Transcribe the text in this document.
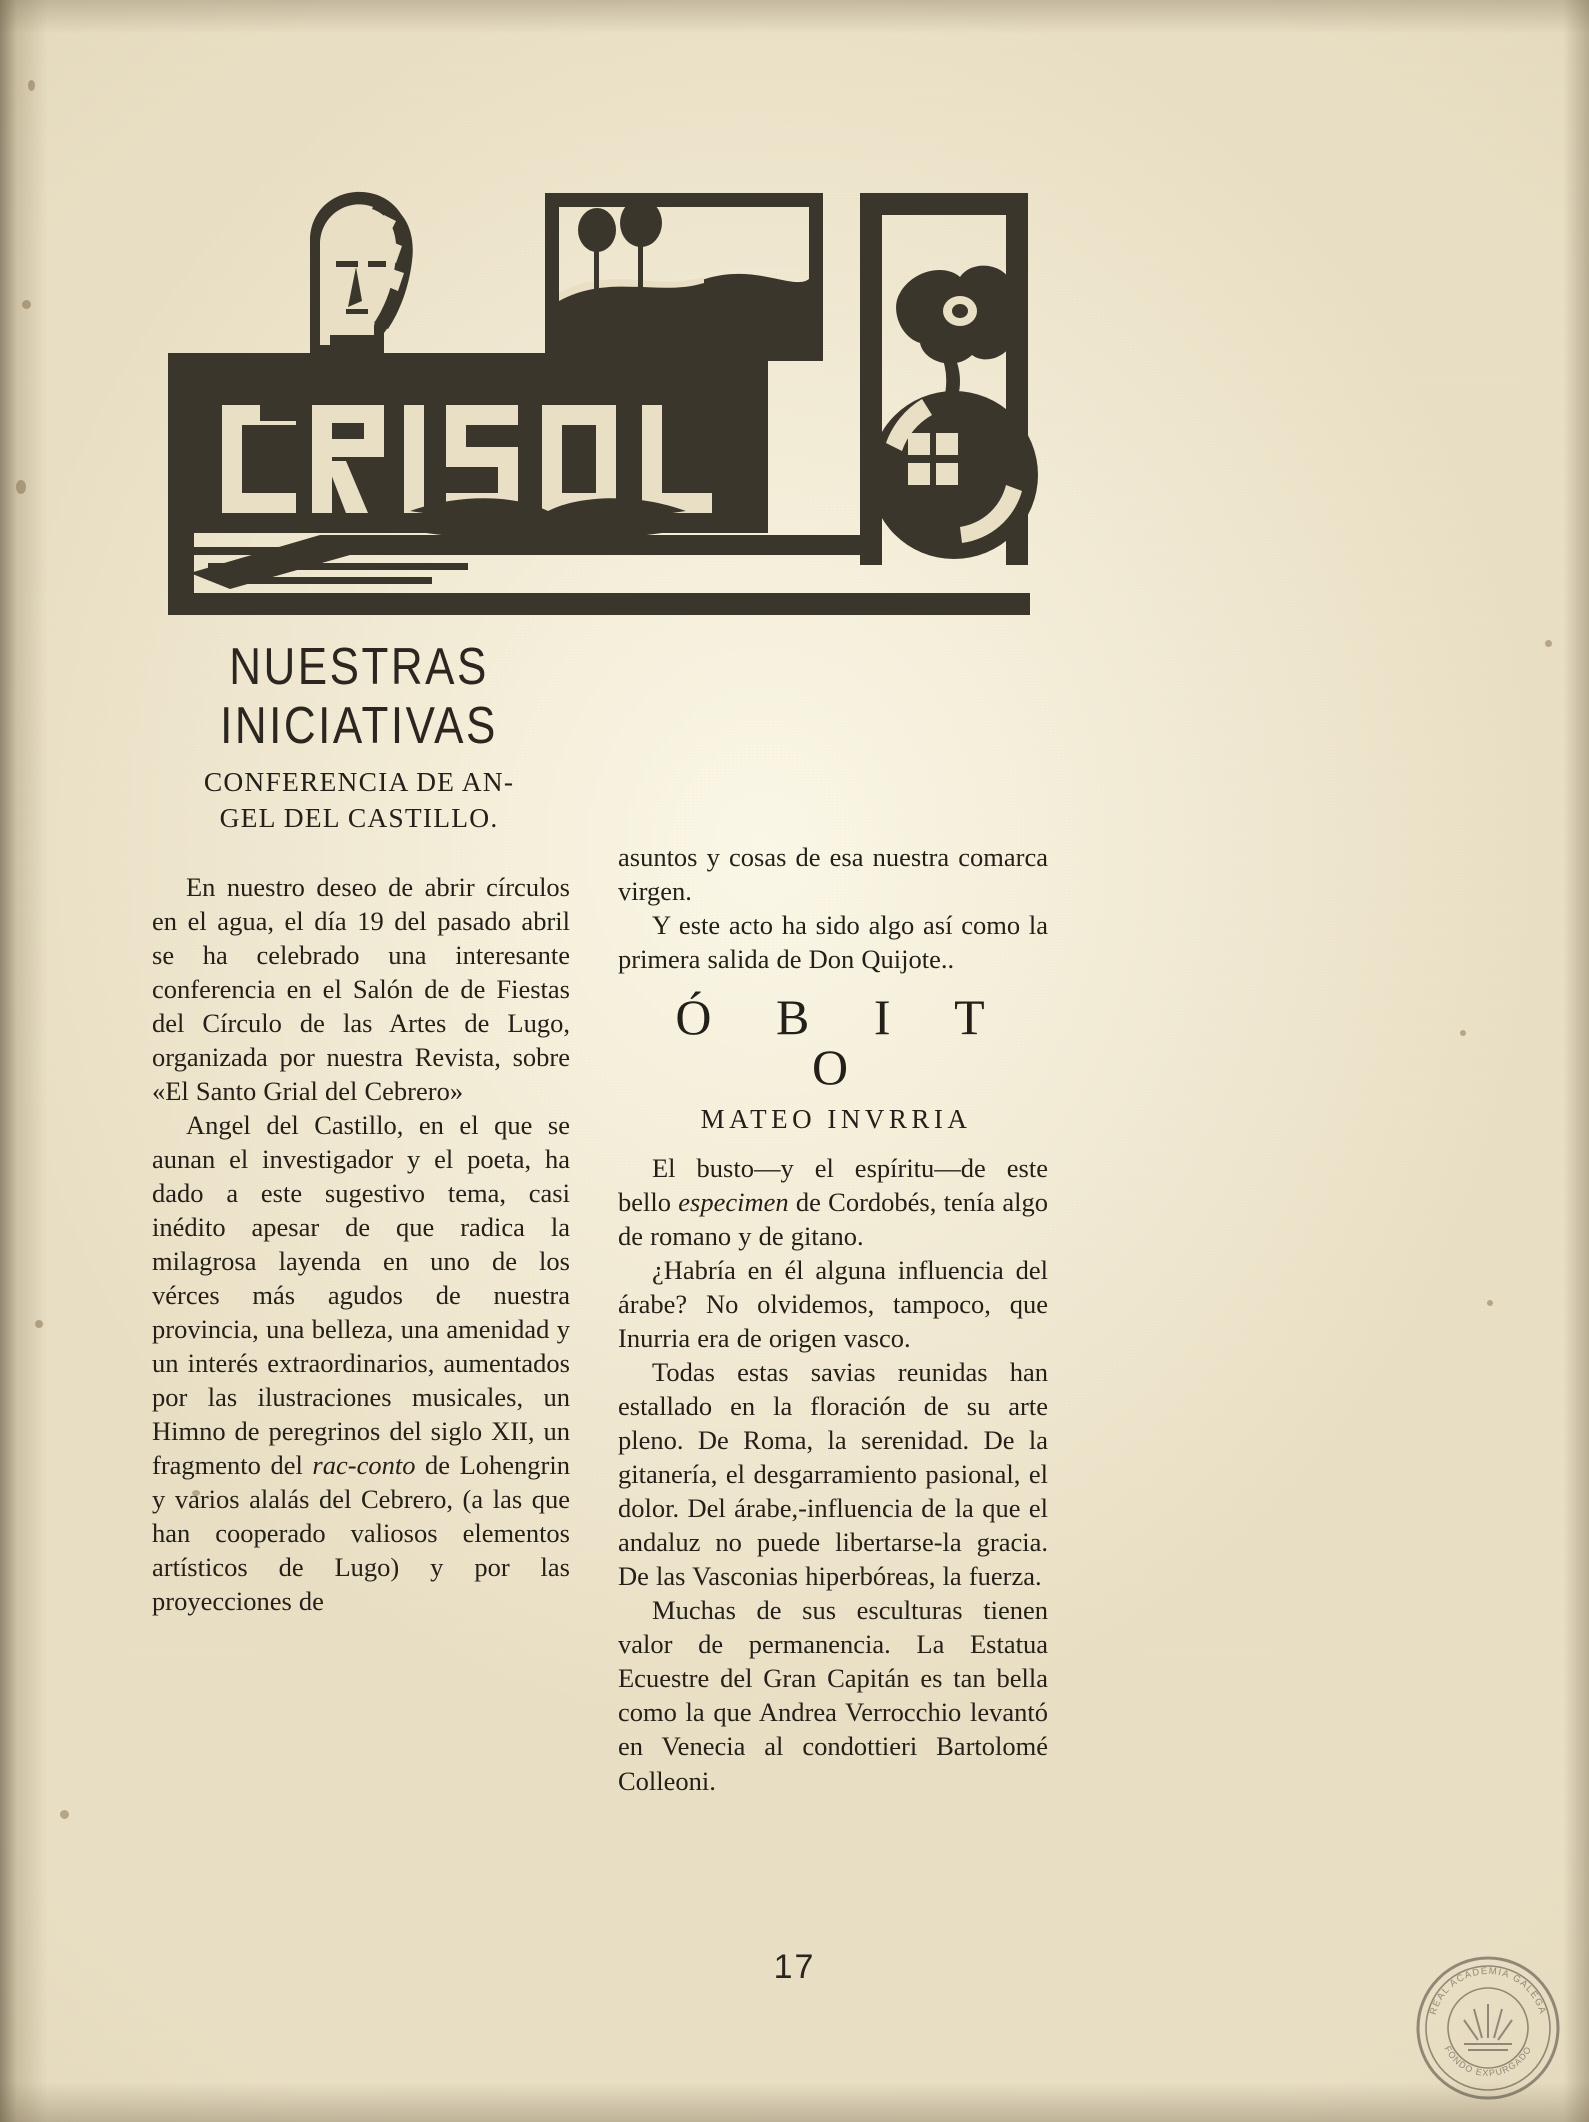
NUESTRAS INICIATIVAS
CONFERENCIA DE AN-
GEL DEL CASTILLO.

En nuestro deseo de abrir círculos en el agua, el día 19 del pasado abril se ha celebrado una interesante conferencia en el Salón de de Fiestas del Círculo de las Artes de Lugo, organizada por nuestra Revista, sobre «El Santo Grial del Cebrero»

Angel del Castillo, en el que se aunan el investigador y el poeta, ha dado a este sugestivo tema, casi inédito apesar de que radica la milagrosa layenda en uno de los vérces más agudos de nuestra provincia, una belleza, una amenidad y un interés extraordinarios, aumentados por las ilustraciones musicales, un Himno de peregrinos del siglo XII, un fragmento del rac-conto de Lohengrin y varios alalás del Cebrero, (a las que han cooperado valiosos elementos artísticos de Lugo) y por las proyecciones de

asuntos y cosas de esa nuestra comarca virgen.

Y este acto ha sido algo así como la primera salida de Don Quijote..

Ó B I T O
MATEO INVRRIA

El busto—y el espíritu—de este bello especimen de Cordobés, tenía algo de romano y de gitano.

¿Habría en él alguna influencia del árabe? No olvidemos, tampoco, que Inurria era de origen vasco.

Todas estas savias reunidas han estallado en la floración de su arte pleno. De Roma, la serenidad. De la gitanería, el desgarramiento pasional, el dolor. Del árabe,-influencia de la que el andaluz no puede libertarse-la gracia. De las Vasconias hiperbóreas, la fuerza.

Muchas de sus esculturas tienen valor de permanencia. La Estatua Ecuestre del Gran Capitán es tan bella como la que Andrea Verrocchio levantó en Venecia al condottieri Bartolomé Colleoni.

17
REAL ACADEMIA GALEGA
FONDO EXPURGADO
